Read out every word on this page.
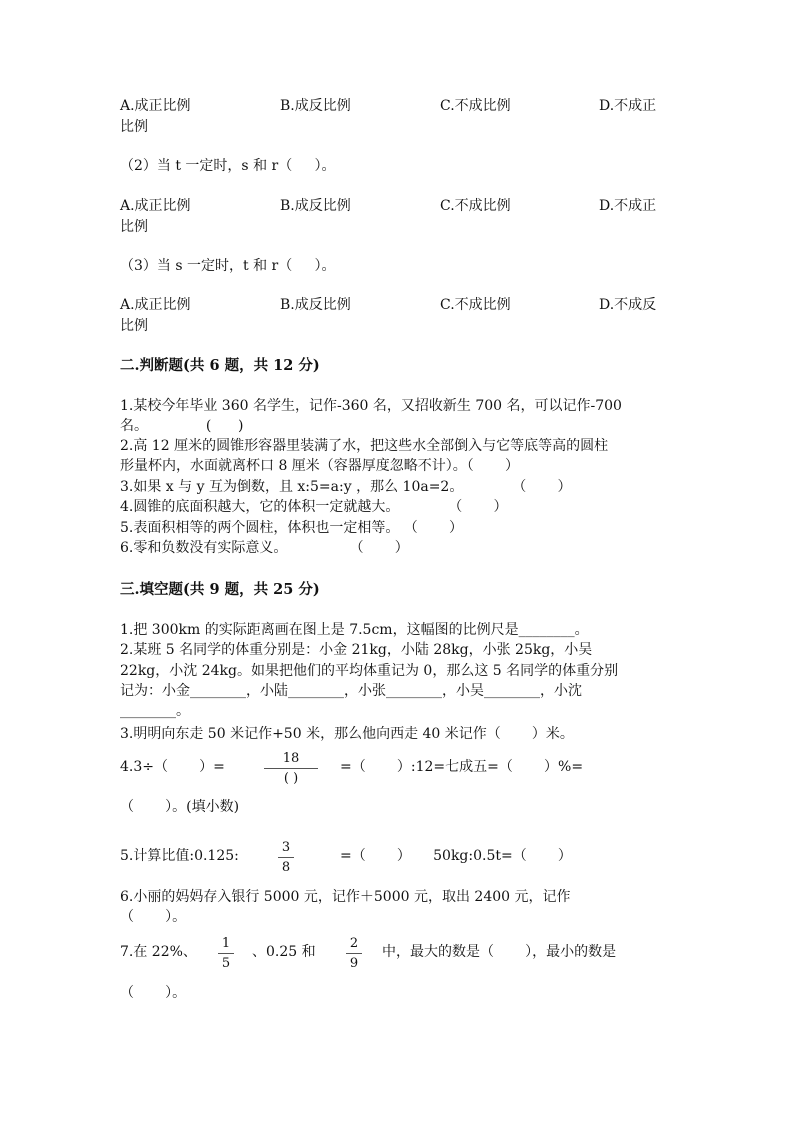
A.成正比例	B.成反比例	C.不成比例	D.不成正
比例
（2）当 t 一定时，s 和 r（     ）。
A.成正比例	B.成反比例	C.不成比例	D.不成正
比例
（3）当 s 一定时，t 和 r（     ）。
A.成正比例	B.成反比例	C.不成比例	D.不成反
比例
二.判断题(共 6 题，共 12 分)
1.某校今年毕业 360 名学生，记作-360 名，又招收新生 700 名，可以记作-700
名。             (      )
2.高 12 厘米的圆锥形容器里装满了水，把这些水全部倒入与它等底等高的圆柱
形量杯内，水面就离杯口 8 厘米（容器厚度忽略不计）。（       ）
3.如果 x 与 y 互为倒数，且 x:5=a:y ，那么 10a=2。           （       ）
4.圆锥的底面积越大，它的体积一定就越大。           （       ）
5.表面积相等的两个圆柱，体积也一定相等。 （       ）
6.零和负数没有实际意义。              （       ）
三.填空题(共 9 题，共 25 分)
1.把 300km 的实际距离画在图上是 7.5cm，这幅图的比例尺是________。
2.某班 5 名同学的体重分别是：小金 21kg，小陆 28kg，小张 25kg，小吴
22kg，小沈 24kg。如果把他们的平均体重记为 0，那么这 5 名同学的体重分别
记为：小金________，小陆________，小张________，小吴________，小沈
________。
3.明明向东走 50 米记作+50 米，那么他向西走 40 米记作（       ）米。
4.3÷（       ）=
18
( )
=（       ）:12=七成五=（       ）%=
（       ）。(填小数)
5.计算比值:0.125:
3
8
=（       ）     50kg:0.5t=（       ）
6.小丽的妈妈存入银行 5000 元，记作＋5000 元，取出 2400 元，记作
（       ）。
7.在 22%、
1
5
、0.25 和
2
9
中，最大的数是（       ），最小的数是
（       ）。
